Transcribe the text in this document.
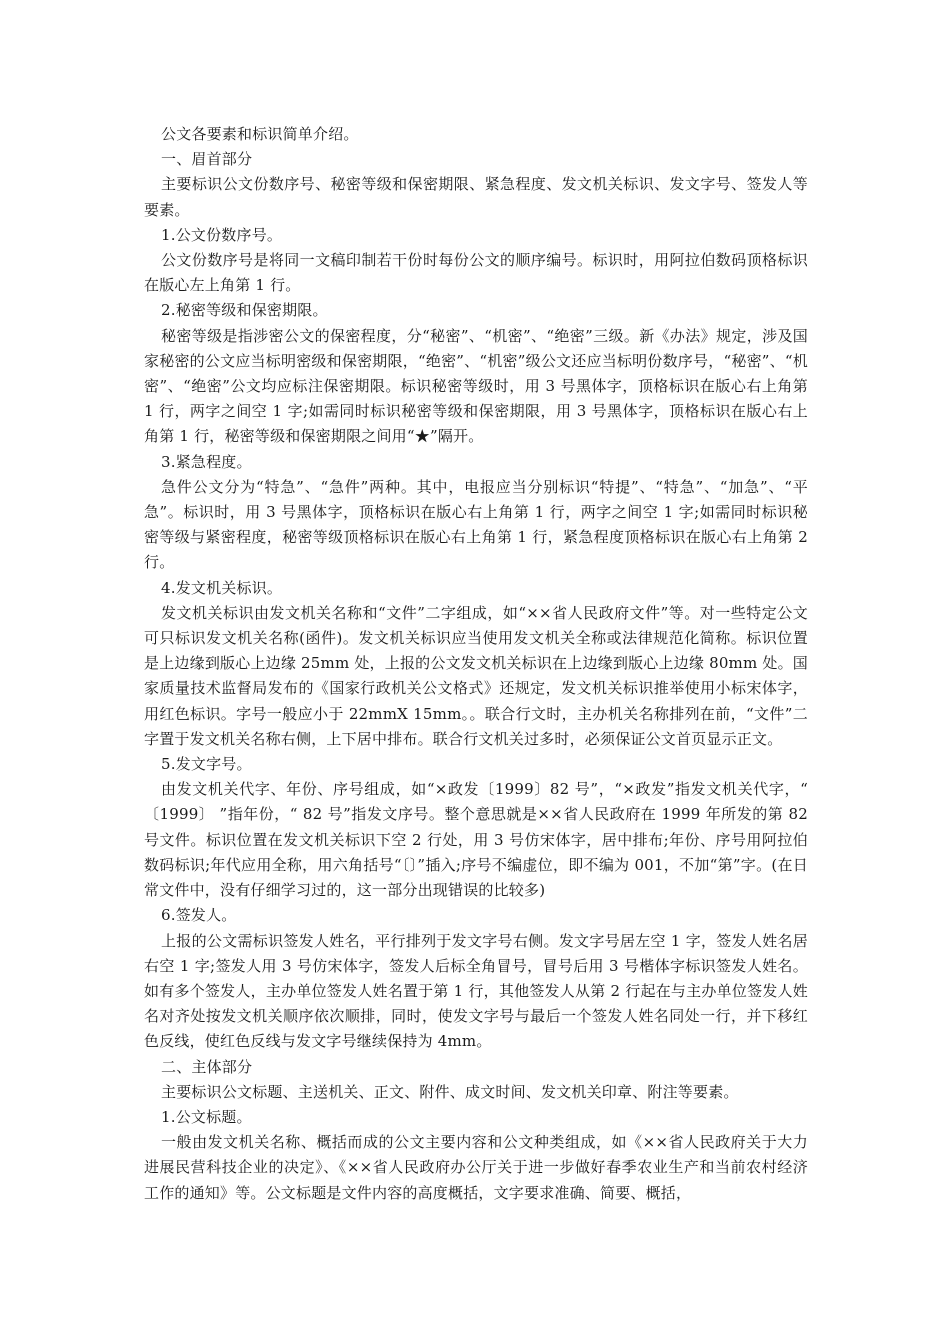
公文各要素和标识简单介绍。

一、眉首部分

主要标识公文份数序号、秘密等级和保密期限、紧急程度、发文机关标识、发文字号、签发人等要素。

1.公文份数序号。

公文份数序号是将同一文稿印制若干份时每份公文的顺序编号。标识时，用阿拉伯数码顶格标识在版心左上角第 1 行。

2.秘密等级和保密期限。

秘密等级是指涉密公文的保密程度，分“秘密”、“机密”、“绝密”三级。新《办法》规定，涉及国家秘密的公文应当标明密级和保密期限，“绝密”、“机密”级公文还应当标明份数序号，“秘密”、“机密”、“绝密”公文均应标注保密期限。标识秘密等级时，用 3 号黑体字，顶格标识在版心右上角第 1 行，两字之间空 1 字;如需同时标识秘密等级和保密期限，用 3 号黑体字，顶格标识在版心右上角第 1 行，秘密等级和保密期限之间用“★”隔开。

3.紧急程度。

急件公文分为“特急”、“急件”两种。其中，电报应当分别标识“特提”、“特急”、“加急”、“平急”。标识时，用 3 号黑体字，顶格标识在版心右上角第 1 行，两字之间空 1 字;如需同时标识秘密等级与紧密程度，秘密等级顶格标识在版心右上角第 1 行，紧急程度顶格标识在版心右上角第 2 行。

4.发文机关标识。

发文机关标识由发文机关名称和“文件”二字组成，如“××省人民政府文件”等。对一些特定公文可只标识发文机关名称(函件)。发文机关标识应当使用发文机关全称或法律规范化简称。标识位置是上边缘到版心上边缘 25mm 处，上报的公文发文机关标识在上边缘到版心上边缘 80mm 处。国家质量技术监督局发布的《国家行政机关公文格式》还规定，发文机关标识推举使用小标宋体字，用红色标识。字号一般应小于 22mmX 15mm。。联合行文时，主办机关名称排列在前，“文件”二字置于发文机关名称右侧，上下居中排布。联合行文机关过多时，必须保证公文首页显示正文。

5.发文字号。

由发文机关代字、年份、序号组成，如“×政发〔1999〕82 号”，“×政发”指发文机关代字，“ 〔1999〕 ”指年份，“ 82 号”指发文序号。整个意思就是××省人民政府在 1999 年所发的第 82 号文件。标识位置在发文机关标识下空 2 行处，用 3 号仿宋体字，居中排布;年份、序号用阿拉伯数码标识;年代应用全称，用六角括号“〔〕”插入;序号不编虚位，即不编为 001，不加“第”字。(在日常文件中，没有仔细学习过的，这一部分出现错误的比较多)

6.签发人。

上报的公文需标识签发人姓名，平行排列于发文字号右侧。发文字号居左空 1 字，签发人姓名居右空 1 字;签发人用 3 号仿宋体字，签发人后标全角冒号，冒号后用 3 号楷体字标识签发人姓名。如有多个签发人，主办单位签发人姓名置于第 1 行，其他签发人从第 2 行起在与主办单位签发人姓名对齐处按发文机关顺序依次顺排，同时，使发文字号与最后一个签发人姓名同处一行，并下移红色反线，使红色反线与发文字号继续保持为 4mm。

二、主体部分

主要标识公文标题、主送机关、正文、附件、成文时间、发文机关印章、附注等要素。

1.公文标题。

一般由发文机关名称、概括而成的公文主要内容和公文种类组成，如《××省人民政府关于大力进展民营科技企业的决定》、《××省人民政府办公厅关于进一步做好春季农业生产和当前农村经济工作的通知》等。公文标题是文件内容的高度概括，文字要求准确、简要、概括，
